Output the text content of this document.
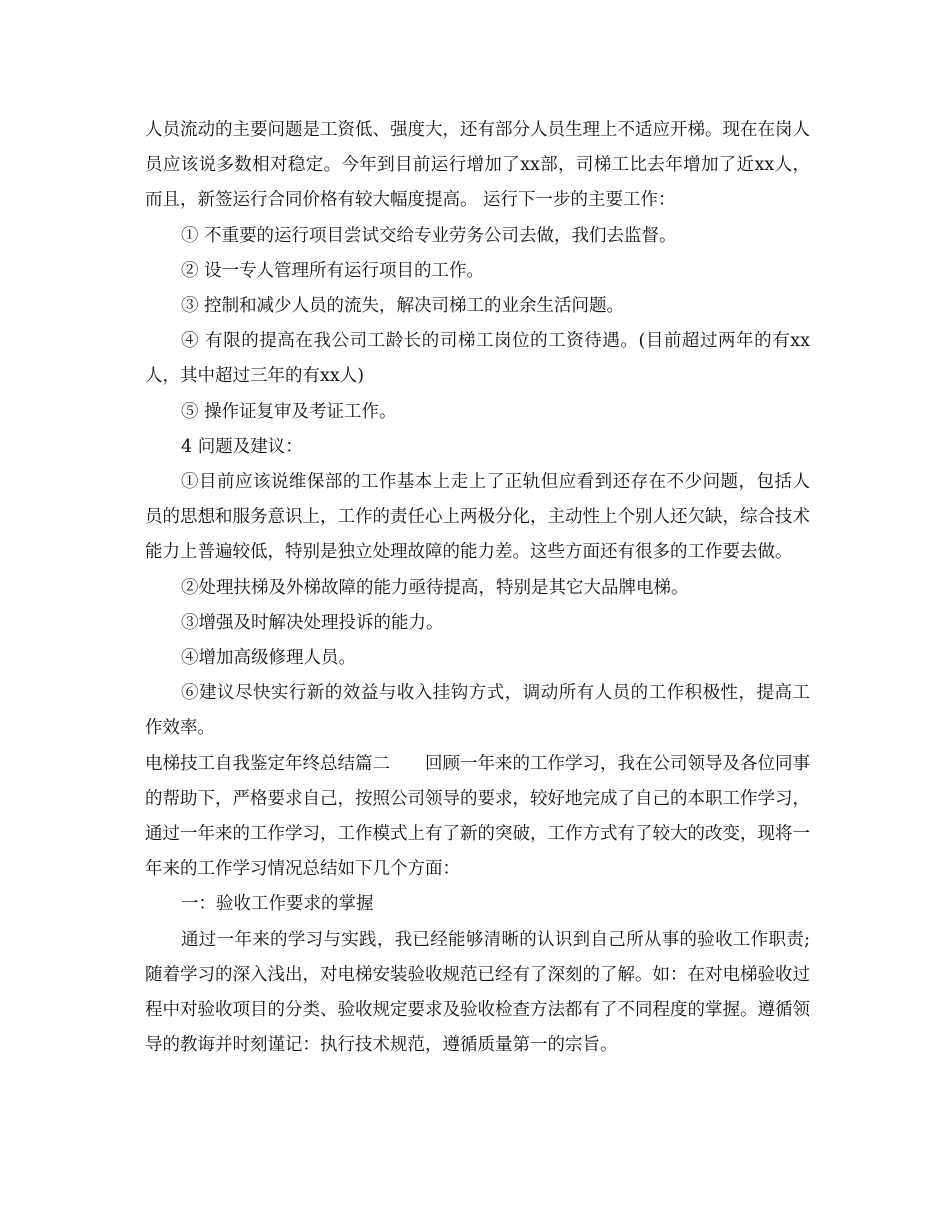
人员流动的主要问题是工资低、强度大，还有部分人员生理上不适应开梯。现在在岗人员应该说多数相对稳定。今年到目前运行增加了xx部，司梯工比去年增加了近xx人，而且，新签运行合同价格有较大幅度提高。 运行下一步的主要工作：

① 不重要的运行项目尝试交给专业劳务公司去做，我们去监督。

② 设一专人管理所有运行项目的工作。

③ 控制和减少人员的流失，解决司梯工的业余生活问题。

④ 有限的提高在我公司工龄长的司梯工岗位的工资待遇。(目前超过两年的有xx人，其中超过三年的有xx人)

⑤ 操作证复审及考证工作。

4 问题及建议：

①目前应该说维保部的工作基本上走上了正轨但应看到还存在不少问题，包括人员的思想和服务意识上，工作的责任心上两极分化，主动性上个别人还欠缺，综合技术能力上普遍较低，特别是独立处理故障的能力差。这些方面还有很多的工作要去做。

②处理扶梯及外梯故障的能力亟待提高，特别是其它大品牌电梯。

③增强及时解决处理投诉的能力。

④增加高级修理人员。

⑥建议尽快实行新的效益与收入挂钩方式，调动所有人员的工作积极性，提高工作效率。

电梯技工自我鉴定年终总结篇二　　回顾一年来的工作学习，我在公司领导及各位同事的帮助下，严格要求自己，按照公司领导的要求，较好地完成了自己的本职工作学习，通过一年来的工作学习，工作模式上有了新的突破，工作方式有了较大的改变，现将一年来的工作学习情况总结如下几个方面：

一：验收工作要求的掌握

通过一年来的学习与实践，我已经能够清晰的认识到自己所从事的验收工作职责;随着学习的深入浅出，对电梯安装验收规范已经有了深刻的了解。如：在对电梯验收过程中对验收项目的分类、验收规定要求及验收检查方法都有了不同程度的掌握。遵循领导的教诲并时刻谨记：执行技术规范，遵循质量第一的宗旨。
